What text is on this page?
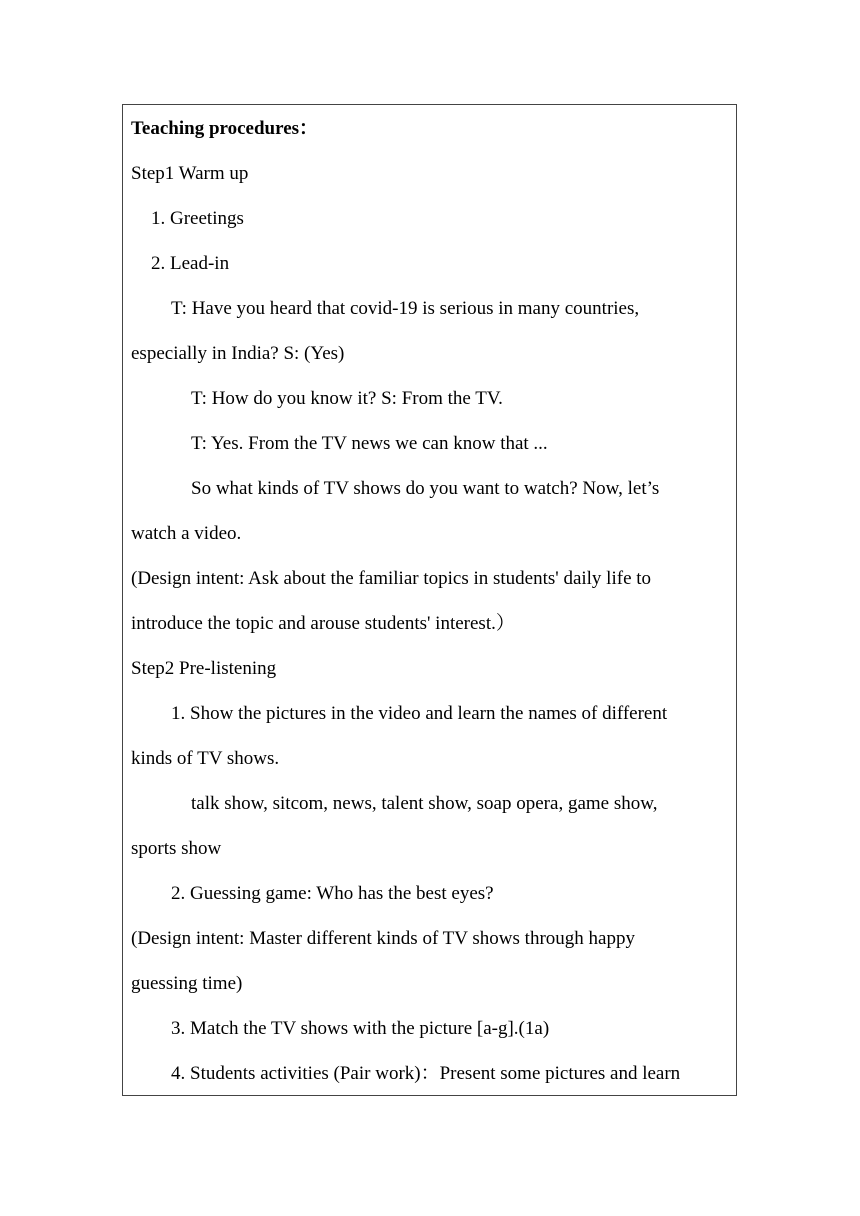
Teaching procedures：
Step1 Warm up
1. Greetings
2. Lead-in
T: Have you heard that covid-19 is serious in many countries,
especially in India? S: (Yes)
T: How do you know it? S: From the TV.
T: Yes. From the TV news we can know that ...
So what kinds of TV shows do you want to watch? Now, let’s
watch a video.
(Design intent: Ask about the familiar topics in students' daily life to
introduce the topic and arouse students' interest.）
Step2 Pre-listening
1. Show the pictures in the video and learn the names of different
kinds of TV shows.
talk show, sitcom, news, talent show, soap opera, game show,
sports show
2. Guessing game: Who has the best eyes?
(Design intent: Master different kinds of TV shows through happy
guessing time)
3. Match the TV shows with the picture [a-g].(1a)
4. Students activities (Pair work)：Present some pictures and learn
